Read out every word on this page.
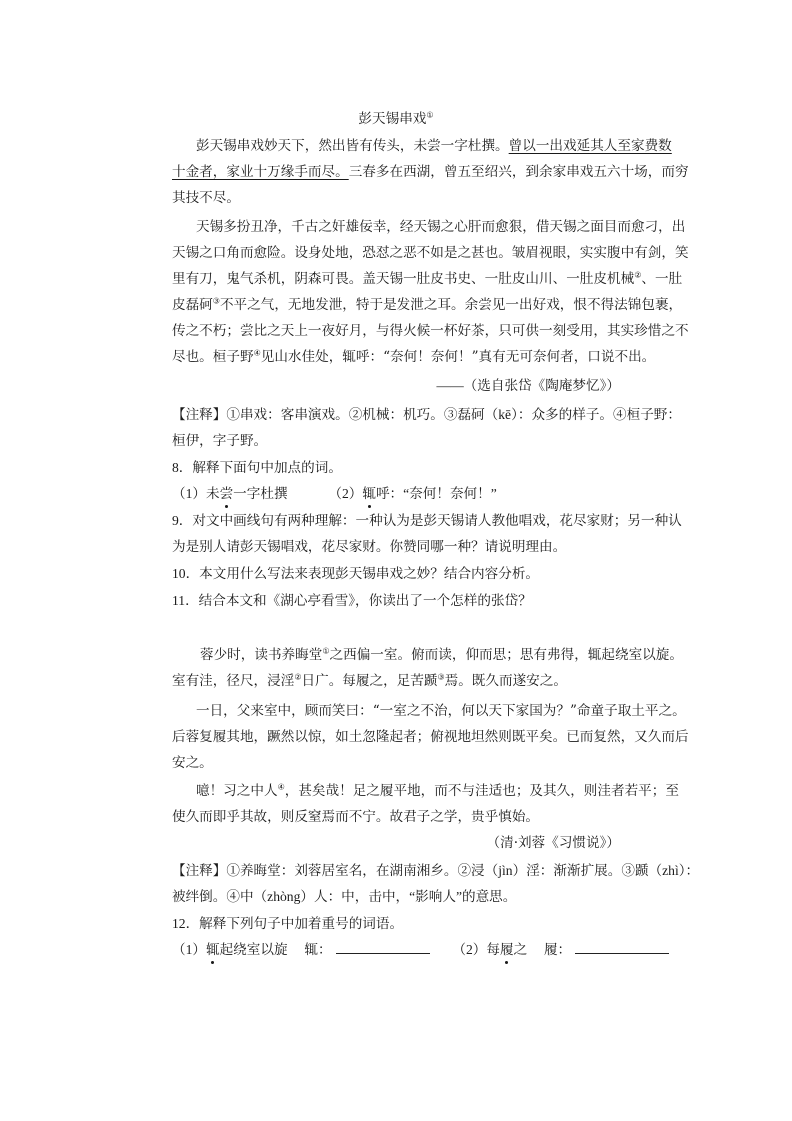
彭天锡串戏①
彭天锡串戏妙天下，然出皆有传头，未尝一字杜撰。曾以一出戏延其人至家费数
十金者，家业十万缘手而尽。三春多在西湖，曾五至绍兴，到余家串戏五六十场，而穷
其技不尽。
天锡多扮丑净，千古之奸雄佞幸，经天锡之心肝而愈狠，借天锡之面目而愈刁，出
天锡之口角而愈险。设身处地，恐怼之恶不如是之甚也。皱眉视眼，实实腹中有剑，笑
里有刀，鬼气杀机，阴森可畏。盖天锡一肚皮书史、一肚皮山川、一肚皮机械②、一肚
皮磊砢③不平之气，无地发泄，特于是发泄之耳。余尝见一出好戏，恨不得法锦包裹，
传之不朽；尝比之天上一夜好月，与得火候一杯好茶，只可供一刻受用，其实珍惜之不
尽也。桓子野④见山水佳处，辄呼：“奈何！奈何！”真有无可奈何者，口说不出。
——（选自张岱《陶庵梦忆》）
【注释】①串戏：客串演戏。②机械：机巧。③磊砢（kē）：众多的样子。④桓子野：
桓伊，字子野。
8．解释下面句中加点的词。
（1）未尝一字杜撰	（2）辄呼：“奈何！奈何！”
9．对文中画线句有两种理解：一种认为是彭天锡请人教他唱戏，花尽家财；另一种认
为是别人请彭天锡唱戏，花尽家财。你赞同哪一种？请说明理由。
10．本文用什么写法来表现彭天锡串戏之妙？结合内容分析。
11．结合本文和《湖心亭看雪》，你读出了一个怎样的张岱？
蓉少时，读书养晦堂①之西偏一室。俯而读，仰而思；思有弗得，辄起绕室以旋。
室有洼，径尺，浸淫②日广。每履之，足苦踬③焉。既久而遂安之。
一日，父来室中，顾而笑曰：“一室之不治，何以天下家国为？”命童子取土平之。
后蓉复履其地，蹶然以惊，如土忽隆起者；俯视地坦然则既平矣。已而复然，又久而后
安之。
噫！习之中人④，甚矣哉！足之履平地，而不与洼适也；及其久，则洼者若平；至
使久而即乎其故，则反窒焉而不宁。故君子之学，贵乎慎始。
（清·刘蓉《习惯说》）
【注释】①养晦堂：刘蓉居室名，在湖南湘乡。②浸（jìn）淫：渐渐扩展。③踬（zhì）：
被绊倒。④中（zhòng）人：中，击中，“影响人”的意思。
12．解释下列句子中加着重号的词语。
（1）辄起绕室以旋 辄：	（2）每履之 履：
